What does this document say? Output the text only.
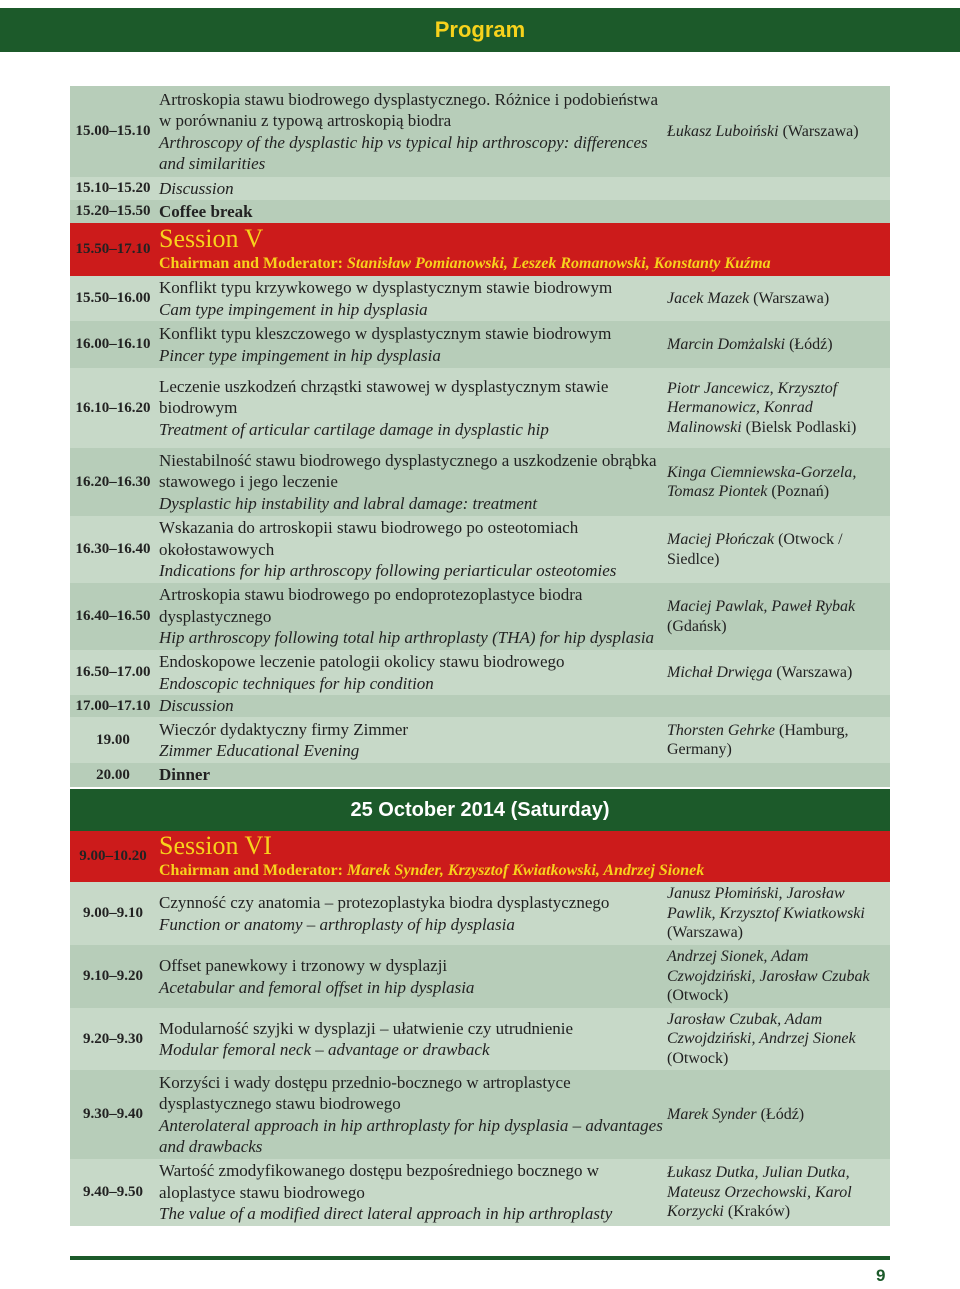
Program
15.00–15.10
Artroskopia stawu biodrowego dysplastycznego. Różnice i podobieństwa w porównaniu z typową artroskopią biodra
Arthroscopy of the dysplastic hip vs typical hip arthroscopy: differences and similarities
Łukasz Luboiński (Warszawa)
15.10–15.20 Discussion
15.20–15.50 Coffee break
15.50–17.10 Session V
Chairman and Moderator: Stanisław Pomianowski, Leszek Romanowski, Konstanty Kuźma
15.50–16.00
Konflikt typu krzywkowego w dysplastycznym stawie biodrowym
Cam type impingement in hip dysplasia
Jacek Mazek (Warszawa)
16.00–16.10
Konflikt typu kleszczowego w dysplastycznym stawie biodrowym
Pincer type impingement in hip dysplasia
Marcin Domżalski (Łódź)
16.10–16.20
Leczenie uszkodzeń chrząstki stawowej w dysplastycznym stawie biodrowym
Treatment of articular cartilage damage in dysplastic hip
Piotr Jancewicz, Krzysztof Hermanowicz, Konrad Malinowski (Bielsk Podlaski)
16.20–16.30
Niestabilność stawu biodrowego dysplastycznego a uszkodzenie obrąbka stawowego i jego leczenie
Dysplastic hip instability and labral damage: treatment
Kinga Ciemniewska-Gorzela, Tomasz Piontek (Poznań)
16.30–16.40
Wskazania do artroskopii stawu biodrowego po osteotomiach okołostawowych
Indications for hip arthroscopy following periarticular osteotomies
Maciej Płończak (Otwock / Siedlce)
16.40–16.50
Artroskopia stawu biodrowego po endoprotezoplastyce biodra dysplastycznego
Hip arthroscopy following total hip arthroplasty (THA) for hip dysplasia
Maciej Pawlak, Paweł Rybak (Gdańsk)
16.50–17.00
Endoskopowe leczenie patologii okolicy stawu biodrowego
Endoscopic techniques for hip condition
Michał Drwięga (Warszawa)
17.00–17.10 Discussion
19.00
Wieczór dydaktyczny firmy Zimmer
Zimmer Educational Evening
Thorsten Gehrke (Hamburg, Germany)
20.00	Dinner
25 October 2014 (Saturday)
9.00–10.20 Session VI
Chairman and Moderator: Marek Synder, Krzysztof Kwiatkowski, Andrzej Sionek
9.00–9.10
Czynność czy anatomia – protezoplastyka biodra dysplastycznego
Function or anatomy – arthroplasty of hip dysplasia
Janusz Płomiński, Jarosław Pawlik, Krzysztof Kwiatkowski (Warszawa)
9.10–9.20
Offset panewkowy i trzonowy w dysplazji
Acetabular and femoral offset in hip dysplasia
Andrzej Sionek, Adam Czwojdziński, Jarosław Czubak (Otwock)
9.20–9.30
Modularność szyjki w dysplazji – ułatwienie czy utrudnienie
Modular femoral neck – advantage or drawback
Jarosław Czubak, Adam Czwojdziński, Andrzej Sionek (Otwock)
9.30–9.40
Korzyści i wady dostępu przednio-bocznego w artroplastyce dysplastycznego stawu biodrowego
Anterolateral approach in hip arthroplasty for hip dysplasia – advantages and drawbacks
Marek Synder (Łódź)
9.40–9.50
Wartość zmodyfikowanego dostępu bezpośredniego bocznego w aloplastyce stawu biodrowego
The value of a modified direct lateral approach in hip arthroplasty
Łukasz Dutka, Julian Dutka, Mateusz Orzechowski, Karol Korzycki (Kraków)
9
